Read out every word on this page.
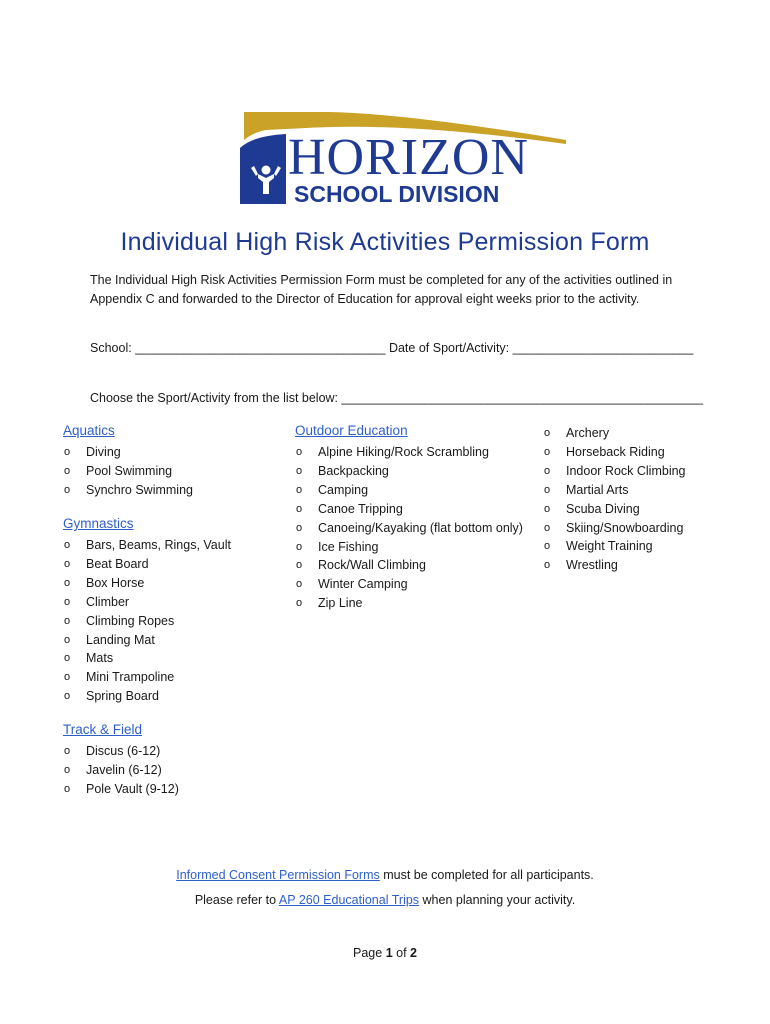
HORIZON
SCHOOL DIVISION
Individual High Risk Activities Permission Form
The Individual High Risk Activities Permission Form must be completed for any of the activities outlined in Appendix C and forwarded to the Director of Education for approval eight weeks prior to the activity.
School: ____________________________________ Date of Sport/Activity: __________________________
Choose the Sport/Activity from the list below: ____________________________________________________
Aquatics
o Diving
o Pool Swimming
o Synchro Swimming
Gymnastics
o Bars, Beams, Rings, Vault
o Beat Board
o Box Horse
o Climber
o Climbing Ropes
o Landing Mat
o Mats
o Mini Trampoline
o Spring Board
Track & Field
o Discus (6-12)
o Javelin (6-12)
o Pole Vault (9-12)
Outdoor Education
o Alpine Hiking/Rock Scrambling
o Backpacking
o Camping
o Canoe Tripping
o Canoeing/Kayaking (flat bottom only)
o Ice Fishing
o Rock/Wall Climbing
o Winter Camping
o Zip Line
o Archery
o Horseback Riding
o Indoor Rock Climbing
o Martial Arts
o Scuba Diving
o Skiing/Snowboarding
o Weight Training
o Wrestling
Informed Consent Permission Forms must be completed for all participants.
Please refer to AP 260 Educational Trips when planning your activity.
Page 1 of 2
